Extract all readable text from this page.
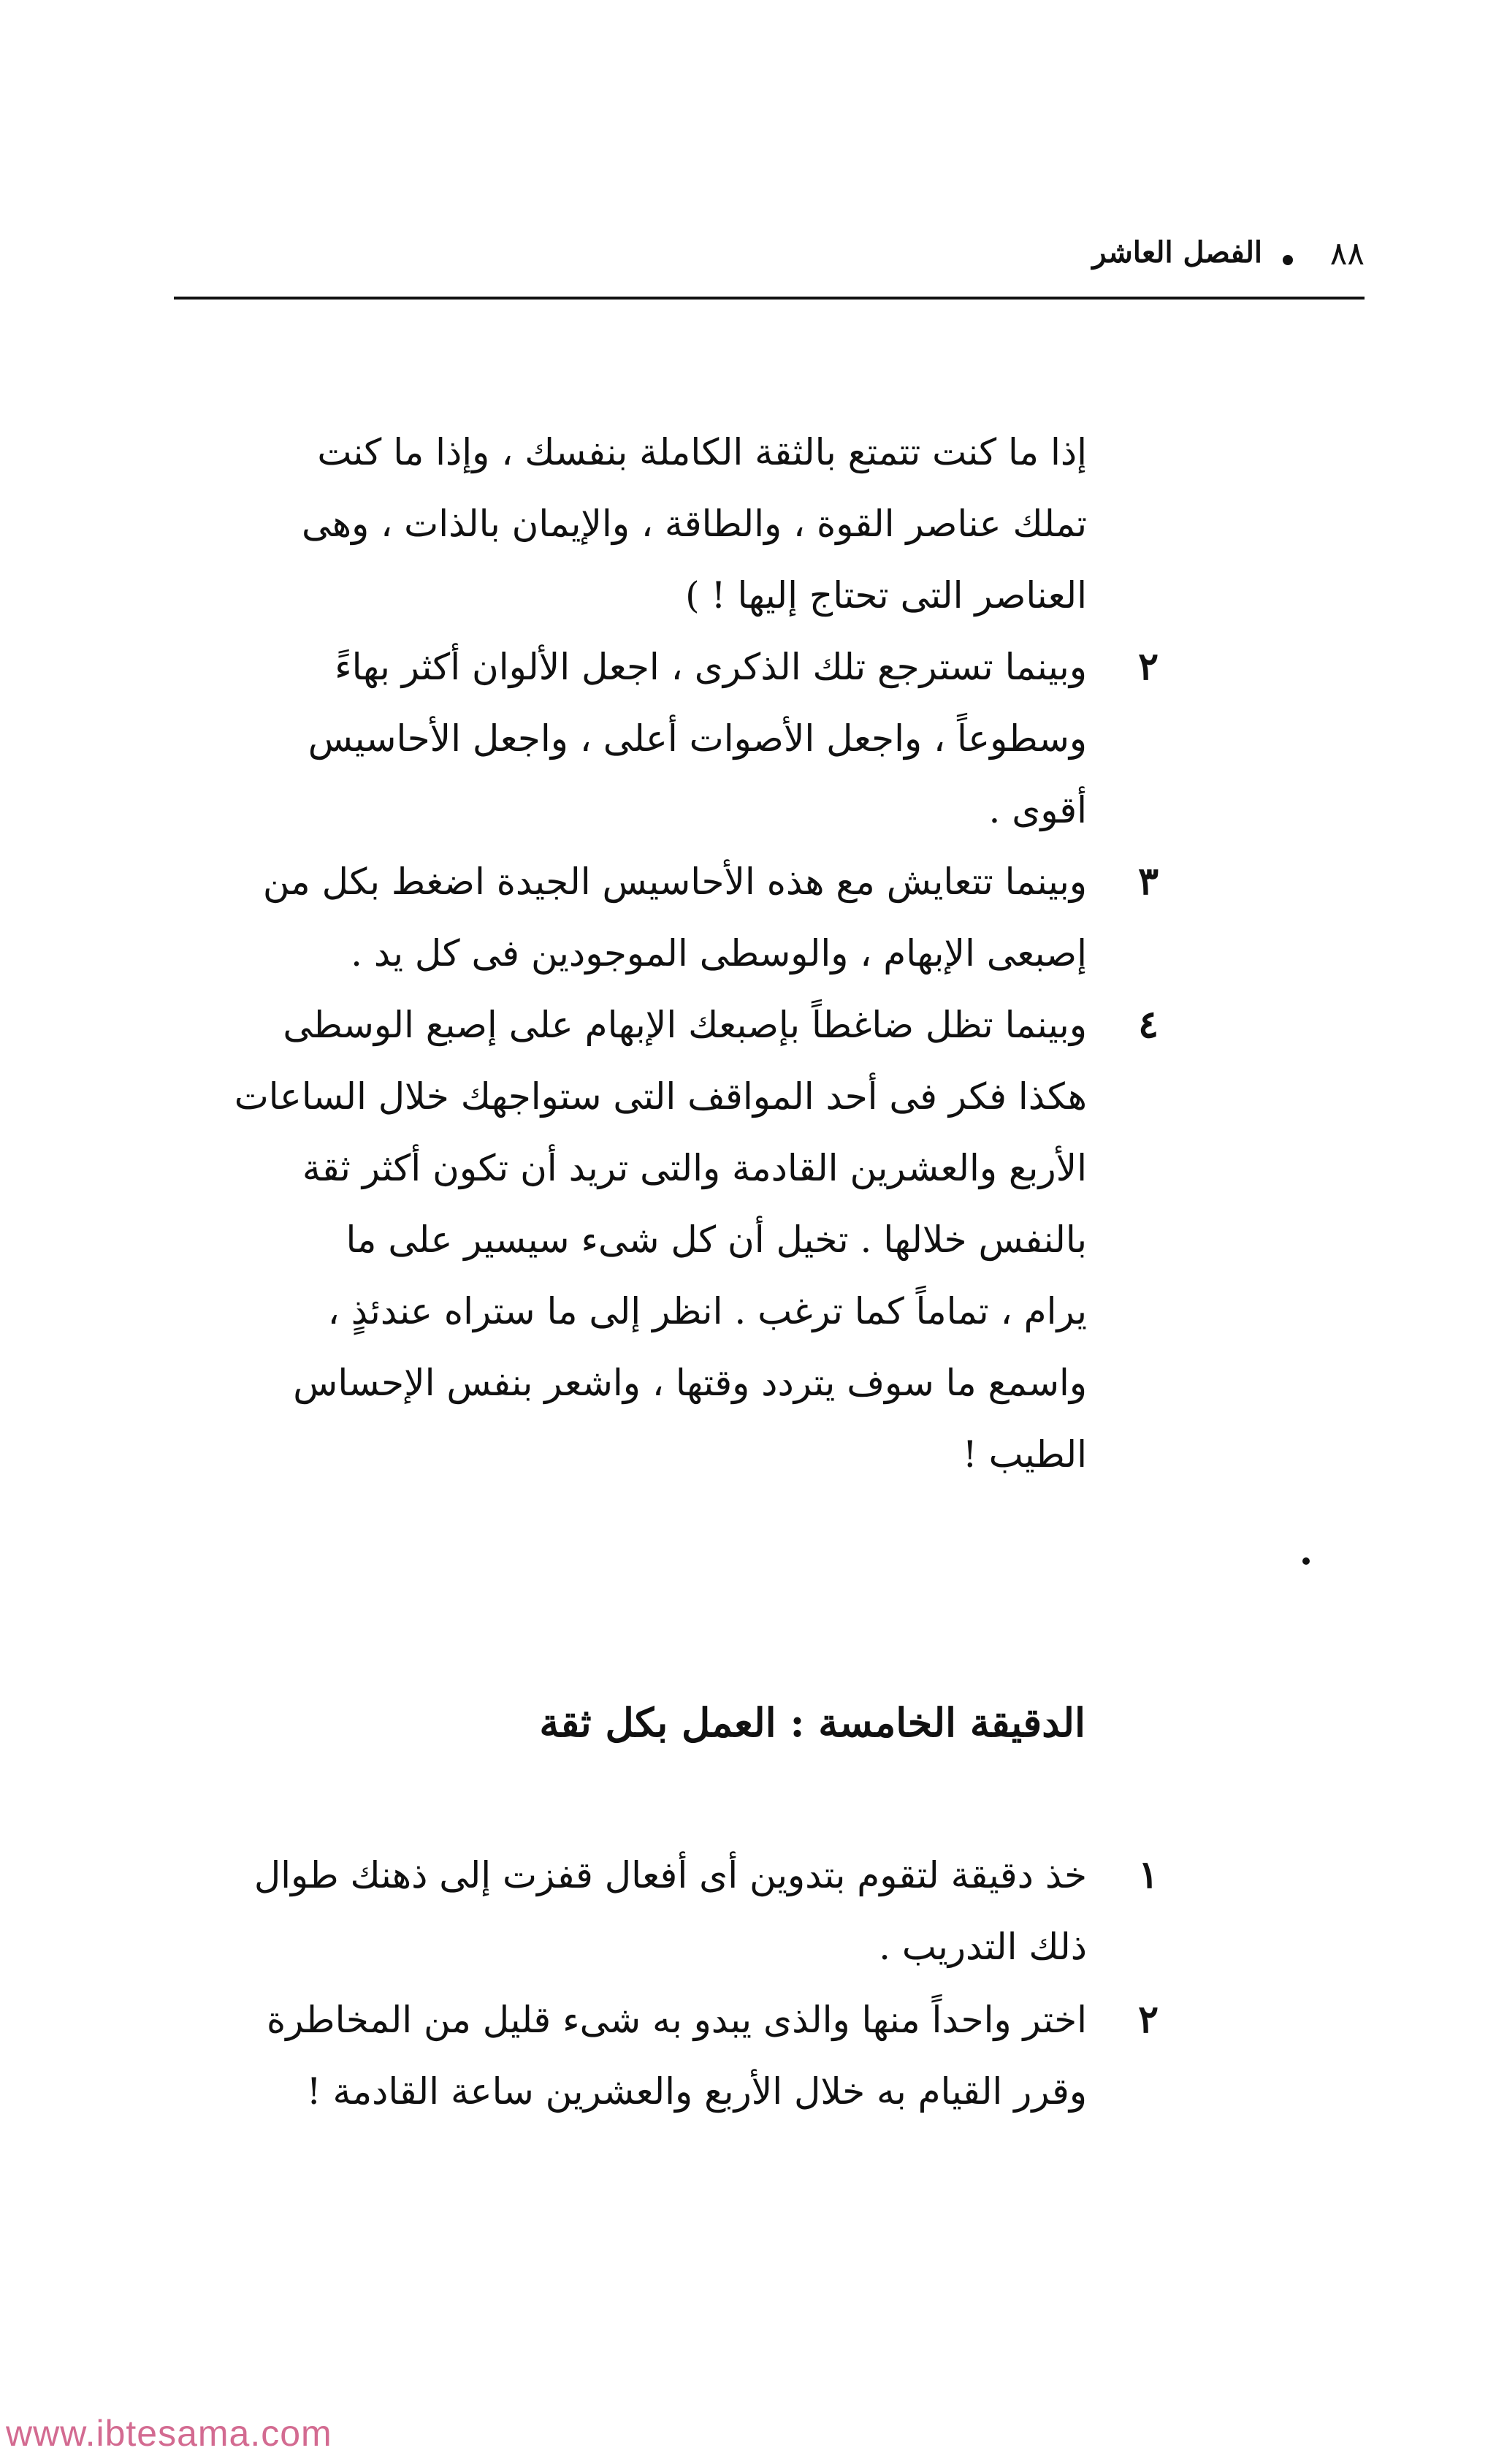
٨٨
الفصل العاشر
إذا ما كنت تتمتع بالثقة الكاملة بنفسك ، وإذا ما كنت
تملك عناصر القوة ، والطاقة ، والإيمان بالذات ، وهى
العناصر التى تحتاج إليها ! )
٢
وبينما تسترجع تلك الذكرى ، اجعل الألوان أكثر بهاءً
وسطوعاً ، واجعل الأصوات أعلى ، واجعل الأحاسيس
أقوى .
٣
وبينما تتعايش مع هذه الأحاسيس الجيدة اضغط بكل من
إصبعى الإبهام ، والوسطى الموجودين فى كل يد .
٤
وبينما تظل ضاغطاً بإصبعك الإبهام على إصبع الوسطى
هكذا فكر فى أحد المواقف التى ستواجهك خلال الساعات
الأربع والعشرين القادمة والتى تريد أن تكون أكثر ثقة
بالنفس خلالها . تخيل أن كل شىء سيسير على ما
يرام ، تماماً كما ترغب . انظر إلى ما ستراه عندئذٍ ،
واسمع ما سوف يتردد وقتها ، واشعر بنفس الإحساس
الطيب !
الدقيقة الخامسة : العمل بكل ثقة
١
خذ دقيقة لتقوم بتدوين أى أفعال قفزت إلى ذهنك طوال
ذلك التدريب .
٢
اختر واحداً منها والذى يبدو به شىء قليل من المخاطرة
وقرر القيام به خلال الأربع والعشرين ساعة القادمة !
www.ibtesama.com
